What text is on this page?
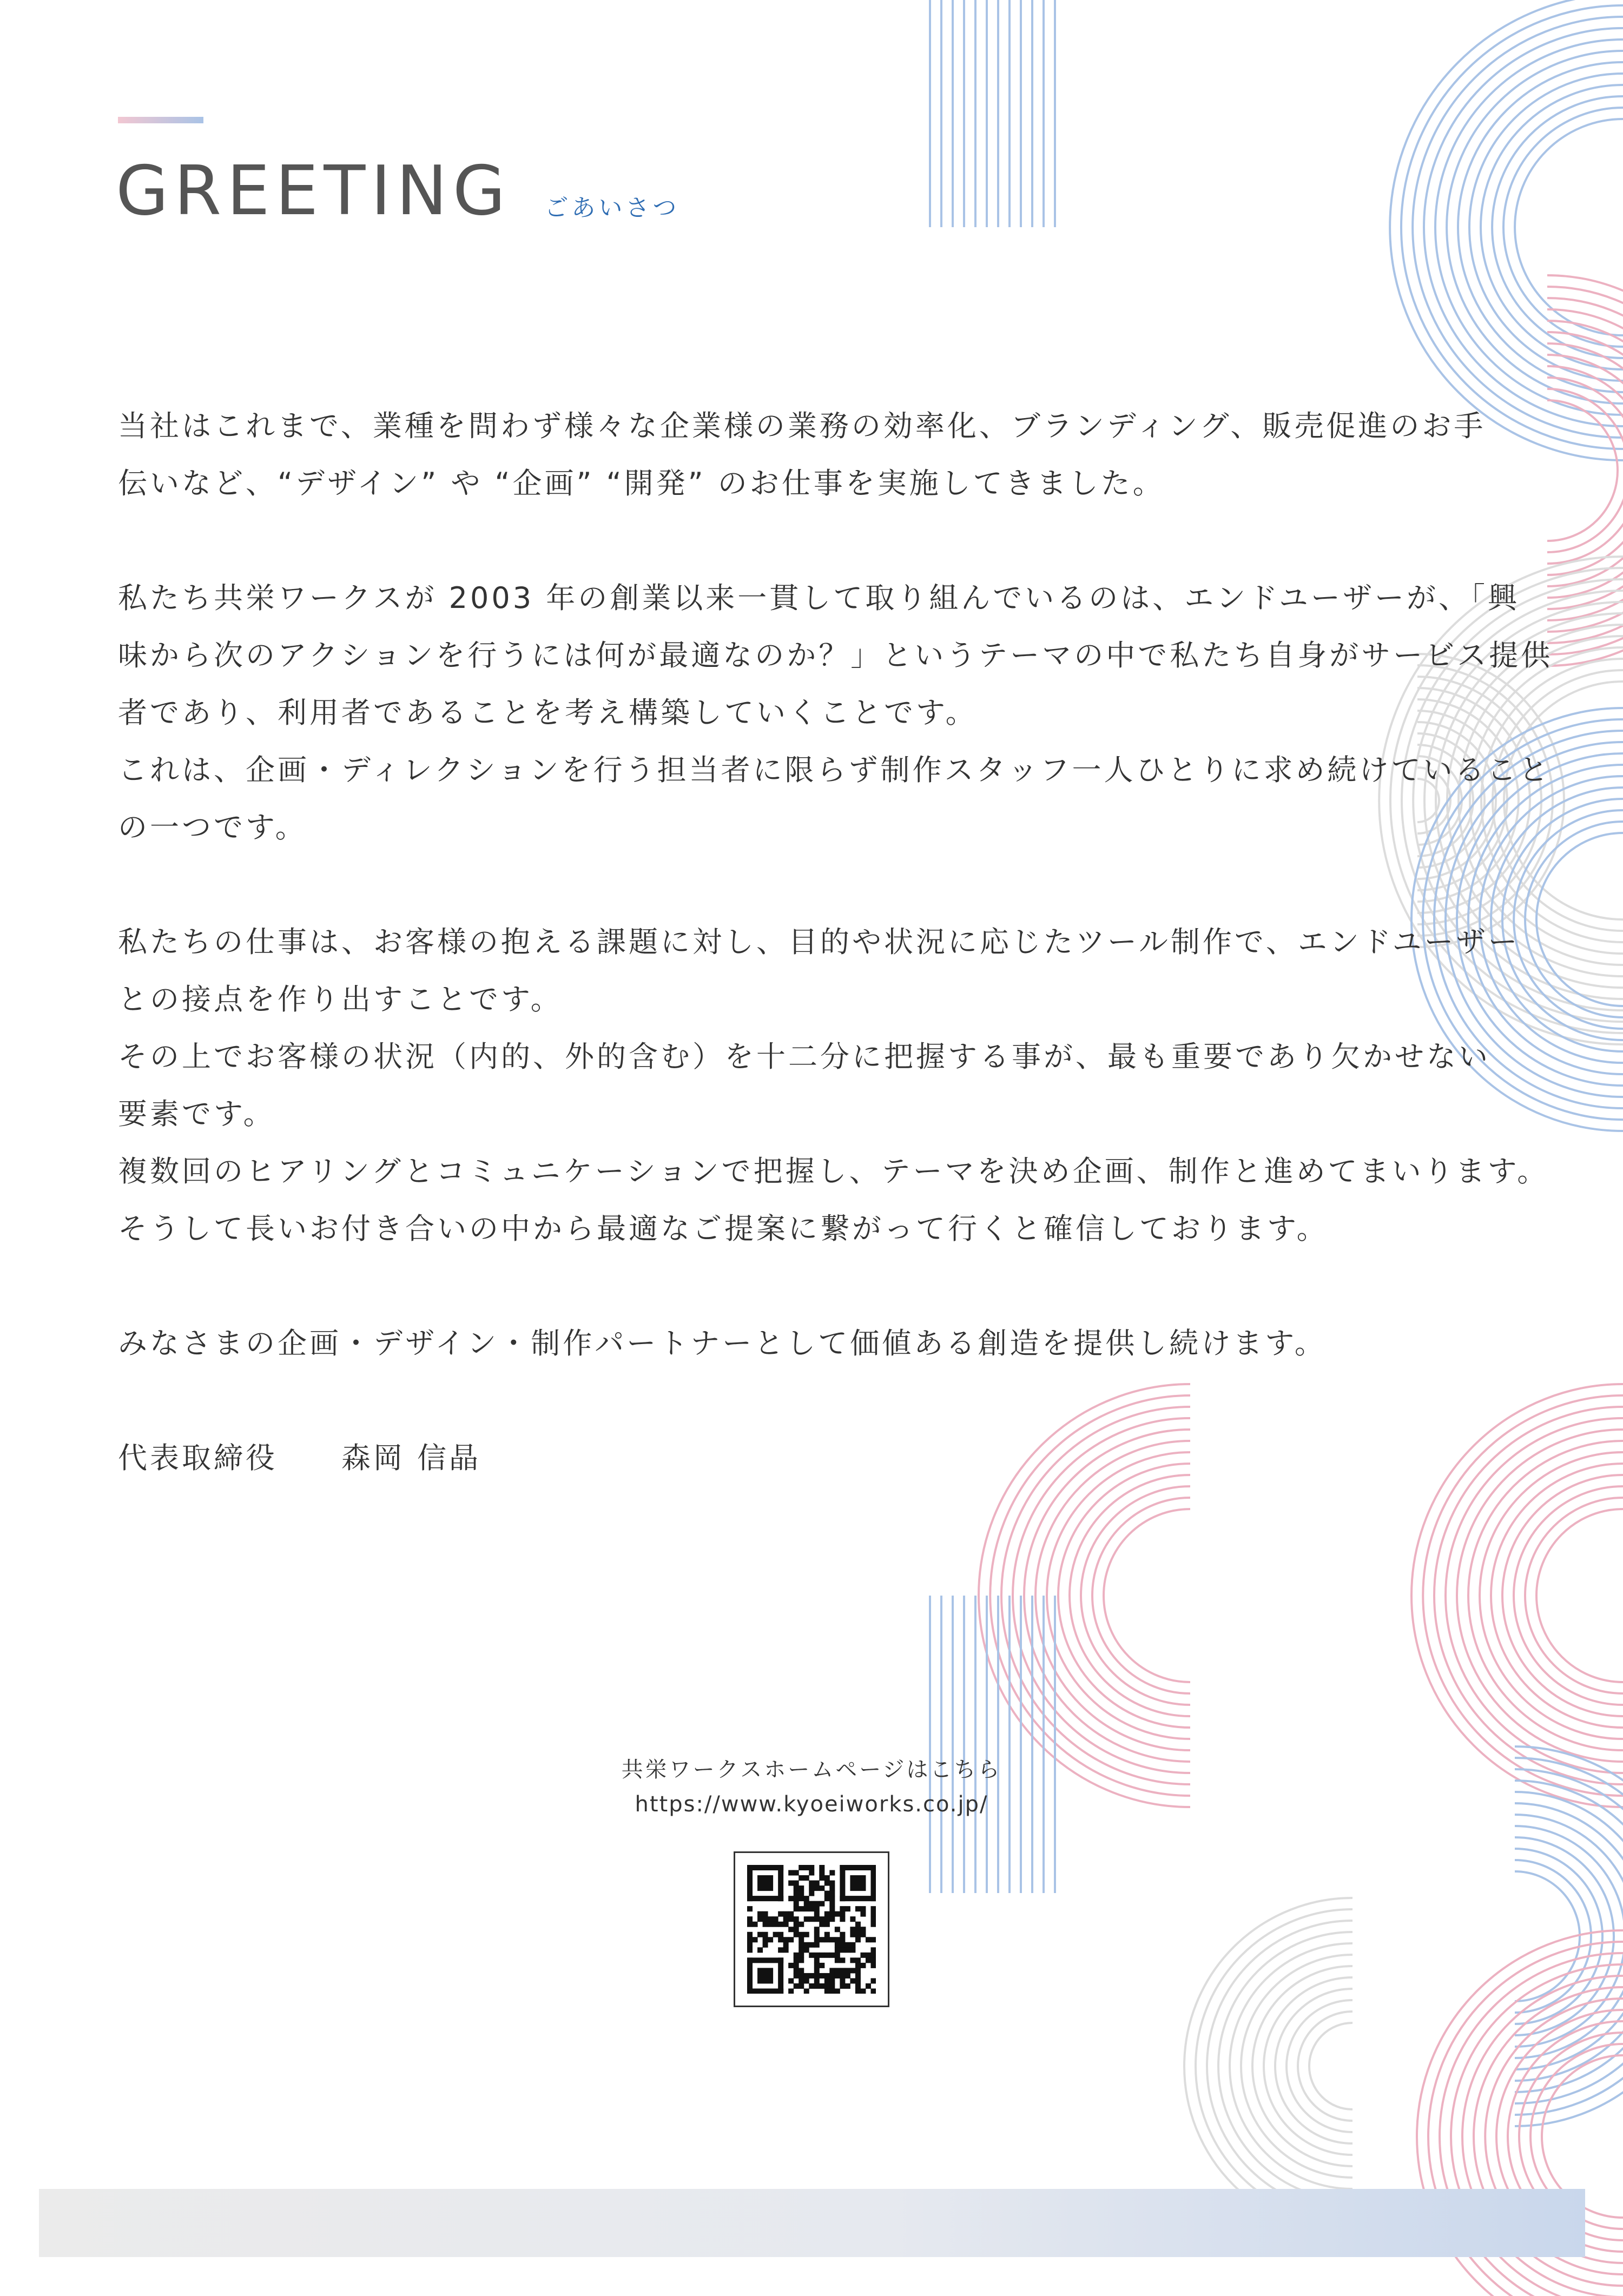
GREETING ごあいさつ

当社はこれまで、業種を問わず様々な企業様の業務の効率化、ブランディング、販売促進のお手

伝いなど、“デザイン” や “企画” “開発” のお仕事を実施してきました。

私たち共栄ワークスが 2003 年の創業以来一貫して取り組んでいるのは、エンドユーザーが、「興

味から次のアクションを行うには何が最適なのか？」というテーマの中で私たち自身がサービス提供

者であり、利用者であることを考え構築していくことです。

これは、企画・ディレクションを行う担当者に限らず制作スタッフ一人ひとりに求め続けていること

の一つです。

私たちの仕事は、お客様の抱える課題に対し、目的や状況に応じたツール制作で、エンドユーザー

との接点を作り出すことです。

その上でお客様の状況（内的、外的含む）を十二分に把握する事が、最も重要であり欠かせない

要素です。

複数回のヒアリングとコミュニケーションで把握し、テーマを決め企画、制作と進めてまいります。

そうして長いお付き合いの中から最適なご提案に繋がって行くと確信しております。

みなさまの企画・デザイン・制作パートナーとして価値ある創造を提供し続けます。

代表取締役　　森岡 信晶

共栄ワークスホームページはこちら
https://www.kyoeiworks.co.jp/
